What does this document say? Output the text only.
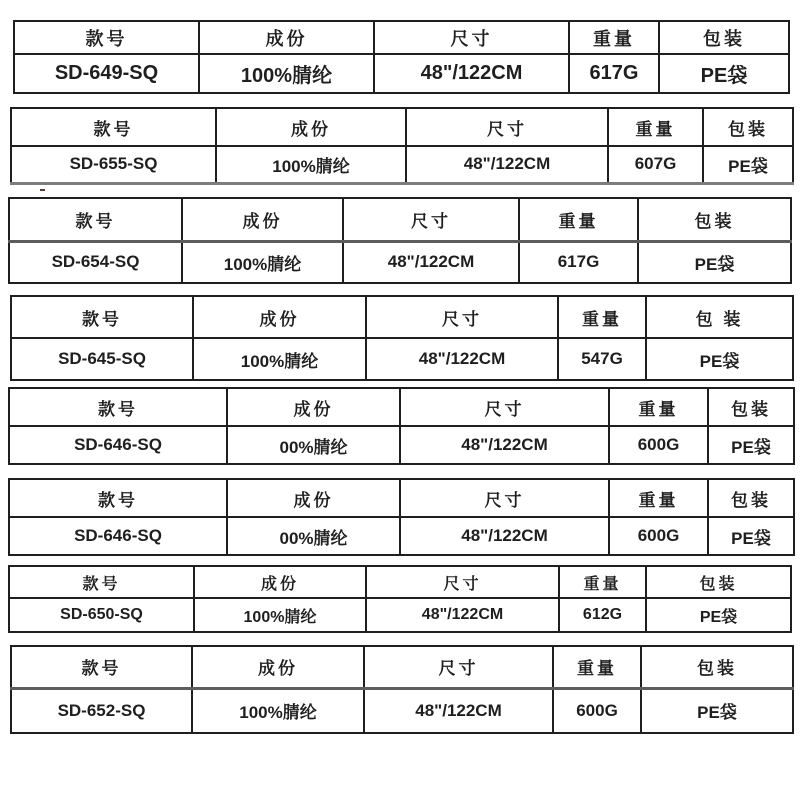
款号	成份	尺寸	重量	包装
SD-649-SQ	100%腈纶	48"/122CM	617G	PE袋
款号	成份	尺寸	重量	包装
SD-655-SQ	100%腈纶	48"/122CM	607G	PE袋
款号	成份	尺寸	重量	包装
SD-654-SQ	100%腈纶	48"/122CM	617G	PE袋
款号	成份	尺寸	重量	包 装
SD-645-SQ	100%腈纶	48"/122CM	547G	PE袋
款号	成份	尺寸	重量	包装
SD-646-SQ	00%腈纶	48"/122CM	600G	PE袋
款号	成份	尺寸	重量	包装
SD-646-SQ	00%腈纶	48"/122CM	600G	PE袋
款号	成份	尺寸	重量	包装
SD-650-SQ	100%腈纶	48"/122CM	612G	PE袋
款号	成份	尺寸	重量	包装
SD-652-SQ	100%腈纶	48"/122CM	600G	PE袋
